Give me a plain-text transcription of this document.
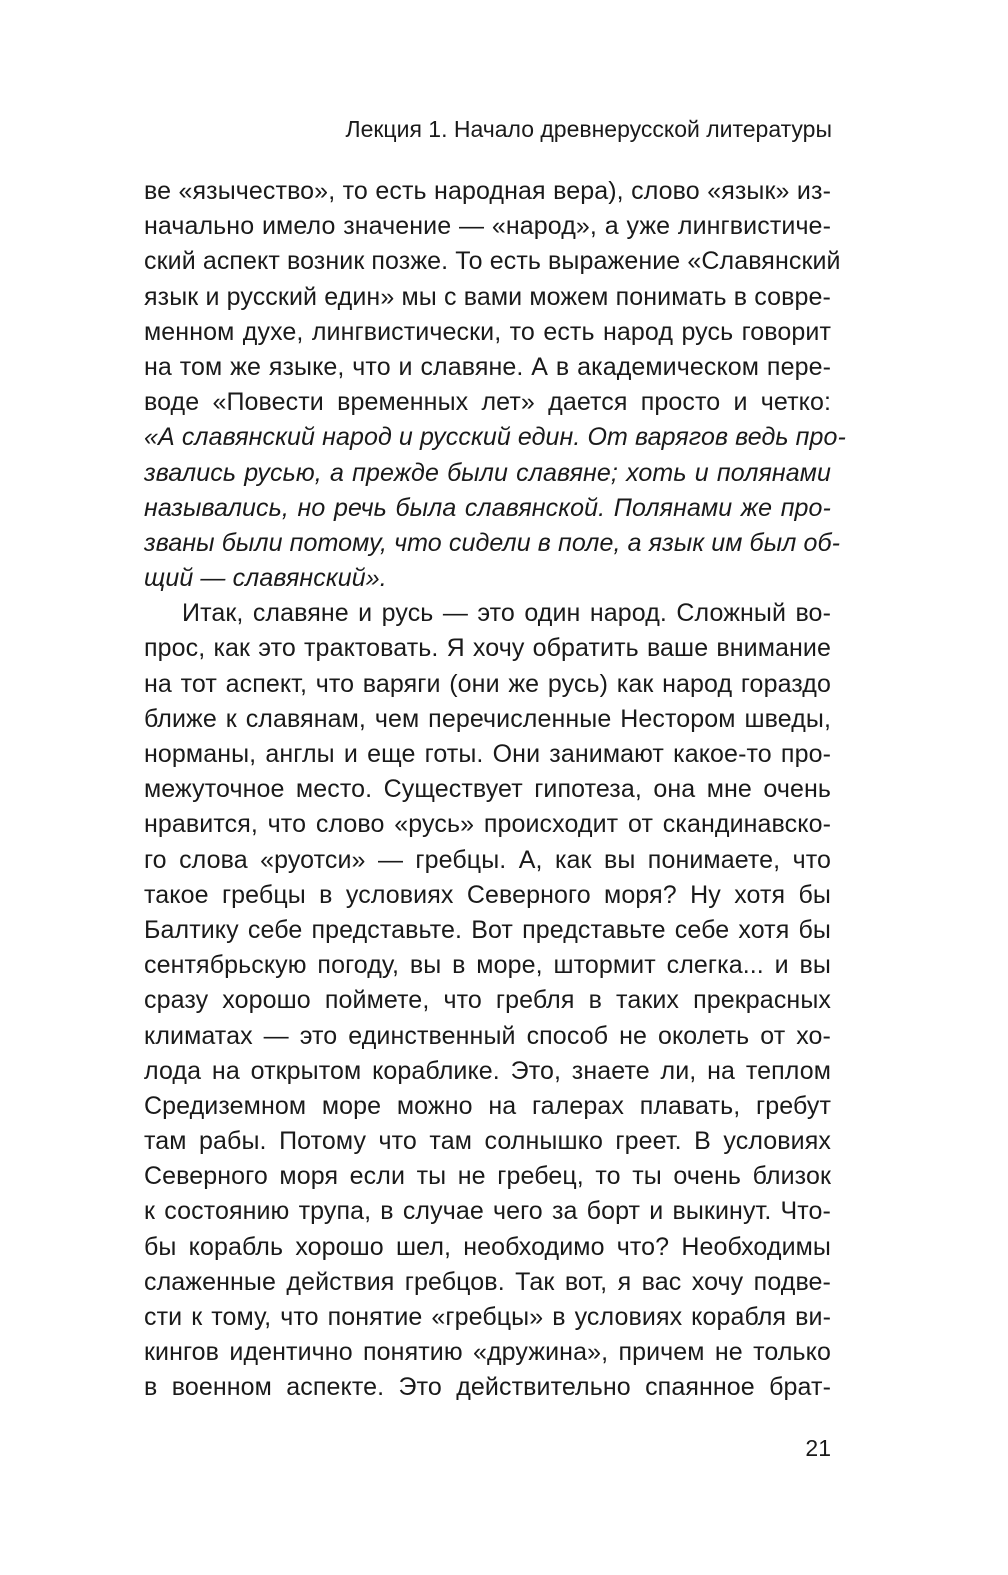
Лекция 1. Начало древнерусской литературы
ве «язычество», то есть народная вера), слово «язык» из-
начально имело значение — «народ», а уже лингвистиче-
ский аспект возник позже. То есть выражение «Славянский
язык и русский един» мы с вами можем понимать в совре-
менном духе, лингвистически, то есть народ русь говорит
на том же языке, что и славяне. А в академическом пере-
воде «Повести временных лет» дается просто и четко:
«А славянский народ и русский един. От варягов ведь про-
звались русью, а прежде были славяне; хоть и полянами
назывались, но речь была славянской. Полянами же про-
званы были потому, что сидели в поле, а язык им был об-
щий — славянский».
Итак, славяне и русь — это один народ. Сложный во-
прос, как это трактовать. Я хочу обратить ваше внимание
на тот аспект, что варяги (они же русь) как народ гораздо
ближе к славянам, чем перечисленные Нестором шведы,
норманы, англы и еще готы. Они занимают какое-то про-
межуточное место. Существует гипотеза, она мне очень
нравится, что слово «русь» происходит от скандинавско-
го слова «руотси» — гребцы. А, как вы понимаете, что
такое гребцы в условиях Северного моря? Ну хотя бы
Балтику себе представьте. Вот представьте себе хотя бы
сентябрьскую погоду, вы в море, штормит слегка... и вы
сразу хорошо поймете, что гребля в таких прекрасных
климатах — это единственный способ не околеть от хо-
лода на открытом кораблике. Это, знаете ли, на теплом
Средиземном море можно на галерах плавать, гребут
там рабы. Потому что там солнышко греет. В условиях
Северного моря если ты не гребец, то ты очень близок
к состоянию трупа, в случае чего за борт и выкинут. Что-
бы корабль хорошо шел, необходимо что? Необходимы
слаженные действия гребцов. Так вот, я вас хочу подве-
сти к тому, что понятие «гребцы» в условиях корабля ви-
кингов идентично понятию «дружина», причем не только
в военном аспекте. Это действительно спаянное брат-
21
